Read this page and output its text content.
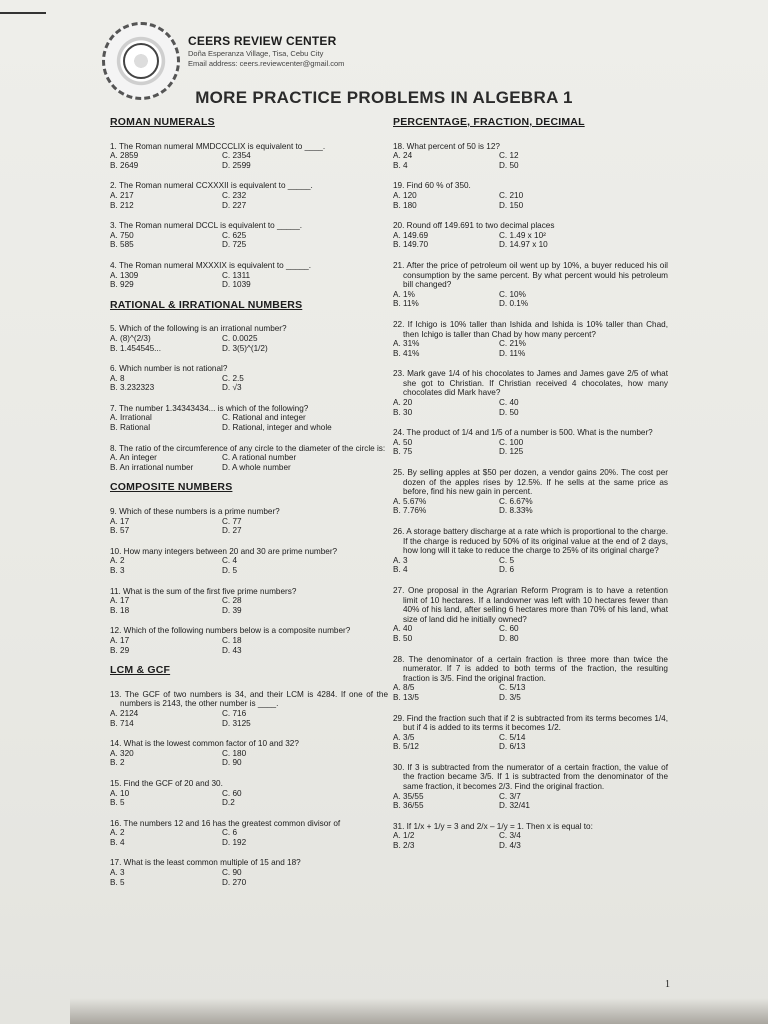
CEERS REVIEW CENTER
Doña Esperanza Village, Tisa, Cebu City
Email address: ceers.reviewcenter@gmail.com
MORE PRACTICE PROBLEMS IN ALGEBRA 1
ROMAN NUMERALS
1. The Roman numeral MMDCCCLIX is equivalent to ____.
A. 2859	C. 2354
B. 2649	D. 2599
2. The Roman numeral CCXXXII is equivalent to _____.
A. 217	C. 232
B. 212	D. 227
3. The Roman numeral DCCL is equivalent to _____.
A. 750	C. 625
B. 585	D. 725
4. The Roman numeral MXXXIX is equivalent to _____.
A. 1309	C. 1311
B. 929	D. 1039
RATIONAL & IRRATIONAL NUMBERS
5. Which of the following is an irrational number?
A. (8)^(2/3)	C. 0.0025
B. 1.454545...	D. 3(5)^(1/2)
6. Which number is not rational?
A. 8	C. 2.5
B. 3.232323	D. √3
7. The number 1.34343434... is which of the following?
A. Irrational	C. Rational and integer
B. Rational	D. Rational, integer and whole
8. The ratio of the circumference of any circle to the diameter of the circle is:
A. An integer	C. A rational number
B. An irrational number	D. A whole number
COMPOSITE NUMBERS
9. Which of these numbers is a prime number?
A. 17	C. 77
B. 57	D. 27
10. How many integers between 20 and 30 are prime number?
A. 2	C. 4
B. 3	D. 5
11. What is the sum of the first five prime numbers?
A. 17	C. 28
B. 18	D. 39
12. Which of the following numbers below is a composite number?
A. 17	C. 18
B. 29	D. 43
LCM & GCF
13. The GCF of two numbers is 34, and their LCM is 4284. If one of the numbers is 2143, the other number is ____.
A. 2124	C. 716
B. 714	D. 3125
14. What is the lowest common factor of 10 and 32?
A. 320	C. 180
B. 2	D. 90
15. Find the GCF of 20 and 30.
A. 10	C. 60
B. 5	D.2
16. The numbers 12 and 16 has the greatest common divisor of
A. 2	C. 6
B. 4	D. 192
17. What is the least common multiple of 15 and 18?
A. 3	C. 90
B. 5	D. 270
PERCENTAGE, FRACTION, DECIMAL
18. What percent of 50 is 12?
A. 24	C. 12
B. 4	D. 50
19. Find 60 % of 350.
A. 120	C. 210
B. 180	D. 150
20. Round off 149.691 to two decimal places
A. 149.69	C. 1.49 x 10²
B. 149.70	D. 14.97 x 10
21. After the price of petroleum oil went up by 10%, a buyer reduced his oil consumption by the same percent. By what percent would his petroleum bill changed?
A. 1%	C. 10%
B. 11%	D. 0.1%
22. If Ichigo is 10% taller than Ishida and Ishida is 10% taller than Chad, then Ichigo is taller than Chad by how many percent?
A. 31%	C. 21%
B. 41%	D. 11%
23. Mark gave 1/4 of his chocolates to James and James gave 2/5 of what she got to Christian. If Christian received 4 chocolates, how many chocolates did Mark have?
A. 20	C. 40
B. 30	D. 50
24. The product of 1/4 and 1/5 of a number is 500. What is the number?
A. 50	C. 100
B. 75	D. 125
25. By selling apples at $50 per dozen, a vendor gains 20%. The cost per dozen of the apples rises by 12.5%. If he sells at the same price as before, find his new gain in percent.
A. 5.67%	C. 6.67%
B. 7.76%	D. 8.33%
26. A storage battery discharge at a rate which is proportional to the charge. If the charge is reduced by 50% of its original value at the end of 2 days, how long will it take to reduce the charge to 25% of its original charge?
A. 3	C. 5
B. 4	D. 6
27. One proposal in the Agrarian Reform Program is to have a retention limit of 10 hectares. If a landowner was left with 10 hectares fewer than 40% of his land, after selling 6 hectares more than 70% of his land, what size of land did he initially owned?
A. 40	C. 60
B. 50	D. 80
28. The denominator of a certain fraction is three more than twice the numerator. If 7 is added to both terms of the fraction, the resulting fraction is 3/5. Find the original fraction.
A. 8/5	C. 5/13
B. 13/5	D. 3/5
29. Find the fraction such that if 2 is subtracted from its terms becomes 1/4, but if 4 is added to its terms it becomes 1/2.
A. 3/5	C. 5/14
B. 5/12	D. 6/13
30. If 3 is subtracted from the numerator of a certain fraction, the value of the fraction became 3/5. If 1 is subtracted from the denominator of the same fraction, it becomes 2/3. Find the original fraction.
A. 35/55	C. 3/7
B. 36/55	D. 32/41
31. If 1/x + 1/y = 3 and 2/x – 1/y = 1. Then x is equal to:
A. 1/2	C. 3/4
B. 2/3	D. 4/3
1
